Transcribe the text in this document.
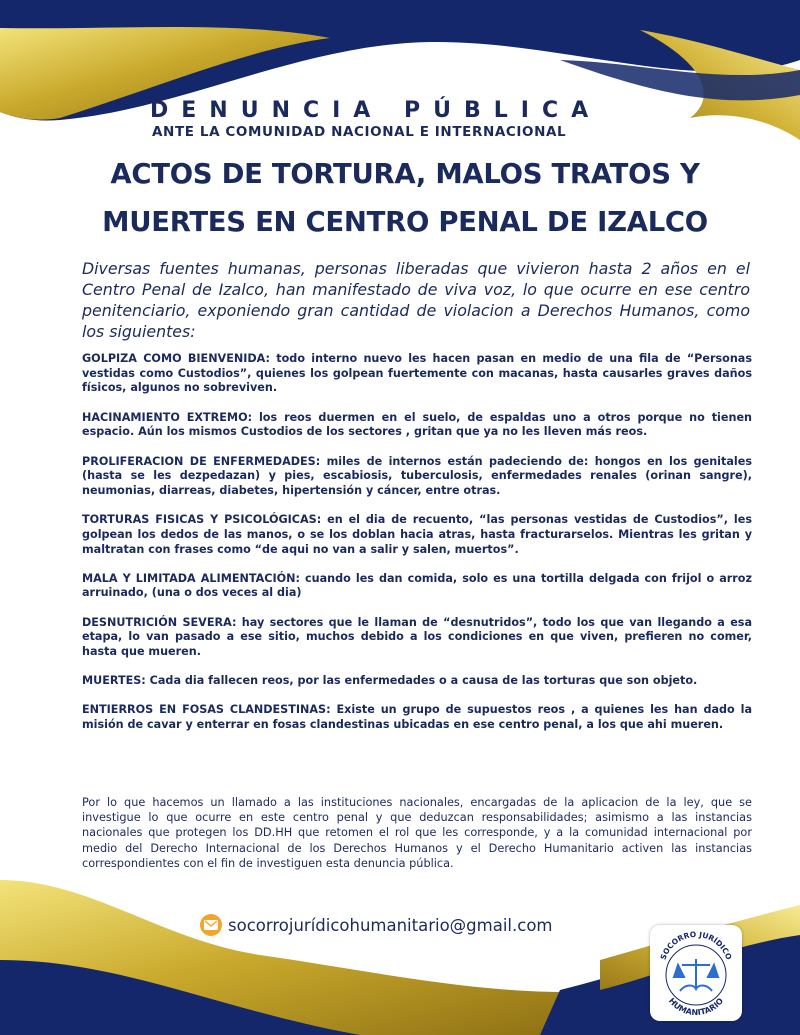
DENUNCIA PÚBLICA
ANTE LA COMUNIDAD NACIONAL E INTERNACIONAL
ACTOS DE TORTURA, MALOS TRATOS Y
MUERTES EN CENTRO PENAL DE IZALCO
Diversas fuentes humanas, personas liberadas que vivieron hasta 2 años en el Centro Penal de Izalco, han manifestado de viva voz, lo que ocurre en ese centro penitenciario, exponiendo gran cantidad de violacion a Derechos Humanos, como los siguientes:
GOLPIZA COMO BIENVENIDA: todo interno nuevo les hacen pasan en medio de una fila de “Personas vestidas como Custodios”, quienes los golpean fuertemente con macanas, hasta causarles graves daños físicos, algunos no sobreviven.
HACINAMIENTO EXTREMO: los reos duermen en el suelo, de espaldas uno a otros porque no tienen espacio. Aún los mismos Custodios de los sectores , gritan que ya no les lleven más reos.
PROLIFERACION DE ENFERMEDADES: miles de internos están padeciendo de: hongos en los genitales (hasta se les dezpedazan) y pies, escabiosis, tuberculosis, enfermedades renales (orinan sangre), neumonias, diarreas, diabetes, hipertensión y cáncer, entre otras.
TORTURAS FISICAS Y PSICOLÓGICAS: en el dia de recuento, “las personas vestidas de Custodios”, les golpean los dedos de las manos, o se los doblan hacia atras, hasta fracturarselos. Mientras les gritan y maltratan con frases como “de aqui no van a salir y salen, muertos”.
MALA Y LIMITADA ALIMENTACIÓN: cuando les dan comida, solo es una tortilla delgada con frijol o arroz arruinado, (una o dos veces al dia)
DESNUTRICIÓN SEVERA: hay sectores que le llaman de “desnutridos”, todo los que van llegando a esa etapa, lo van pasado a ese sitio, muchos debido a los condiciones en que viven, prefieren no comer, hasta que mueren.
MUERTES: Cada dia fallecen reos, por las enfermedades o a causa de las torturas que son objeto.
ENTIERROS EN FOSAS CLANDESTINAS: Existe un grupo de supuestos reos , a quienes les han dado la misión de cavar y enterrar en fosas clandestinas ubicadas en ese centro penal, a los que ahi mueren.
Por lo que hacemos un llamado a las instituciones nacionales, encargadas de la aplicacion de la ley, que se investigue lo que ocurre en este centro penal y que deduzcan responsabilidades; asimismo a las instancias nacionales que protegen los DD.HH que retomen el rol que les corresponde, y a la comunidad internacional por medio del Derecho Internacional de los Derechos Humanos y el Derecho Humanitario activen las instancias correspondientes con el fin de investiguen esta denuncia pública.
socorrojurídicohumanitario@gmail.com
SOCORRO JURÍDICO
HUMANITARIO
